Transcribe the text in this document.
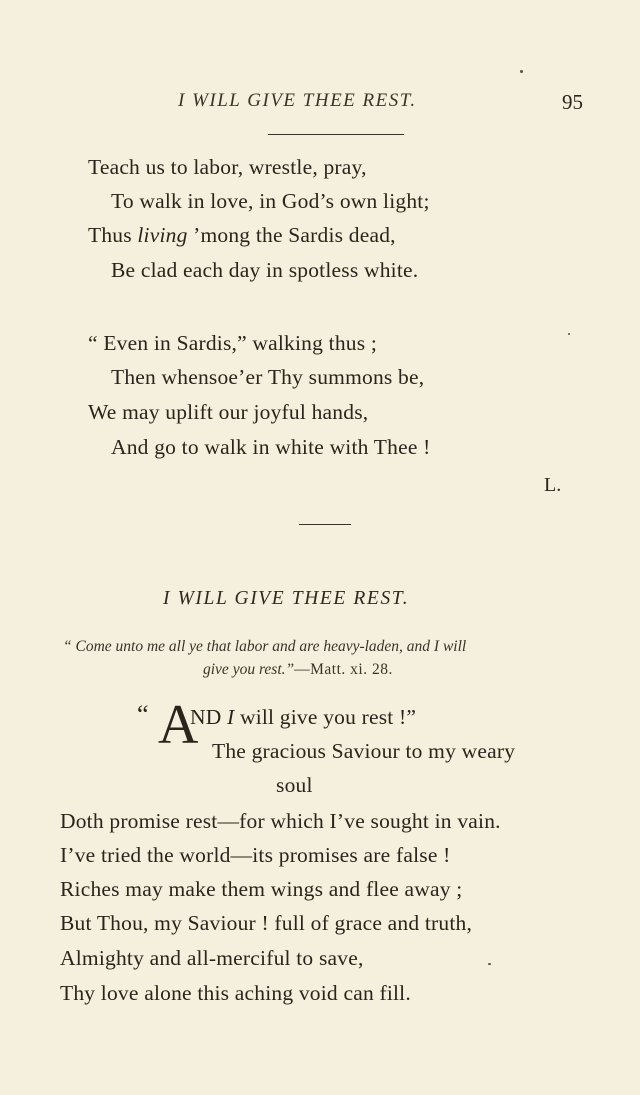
I WILL GIVE THEE REST.	95
Teach us to labor, wrestle, pray,
To walk in love, in God’s own light;
Thus living ’mong the Sardis dead,
Be clad each day in spotless white.
“ Even in Sardis,” walking thus ;
Then whensoe’er Thy summons be,
We may uplift our joyful hands,
And go to walk in white with Thee !
L.
I WILL GIVE THEE REST.
“ Come unto me all ye that labor and are heavy-laden, and I will
give you rest.”—Matt. xi. 28.
“ A
ND I will give you rest !”
The gracious Saviour to my weary
soul
Doth promise rest—for which I’ve sought in vain.
I’ve tried the world—its promises are false !
Riches may make them wings and flee away ;
But Thou, my Saviour ! full of grace and truth,
Almighty and all-merciful to save,
Thy love alone this aching void can fill.
